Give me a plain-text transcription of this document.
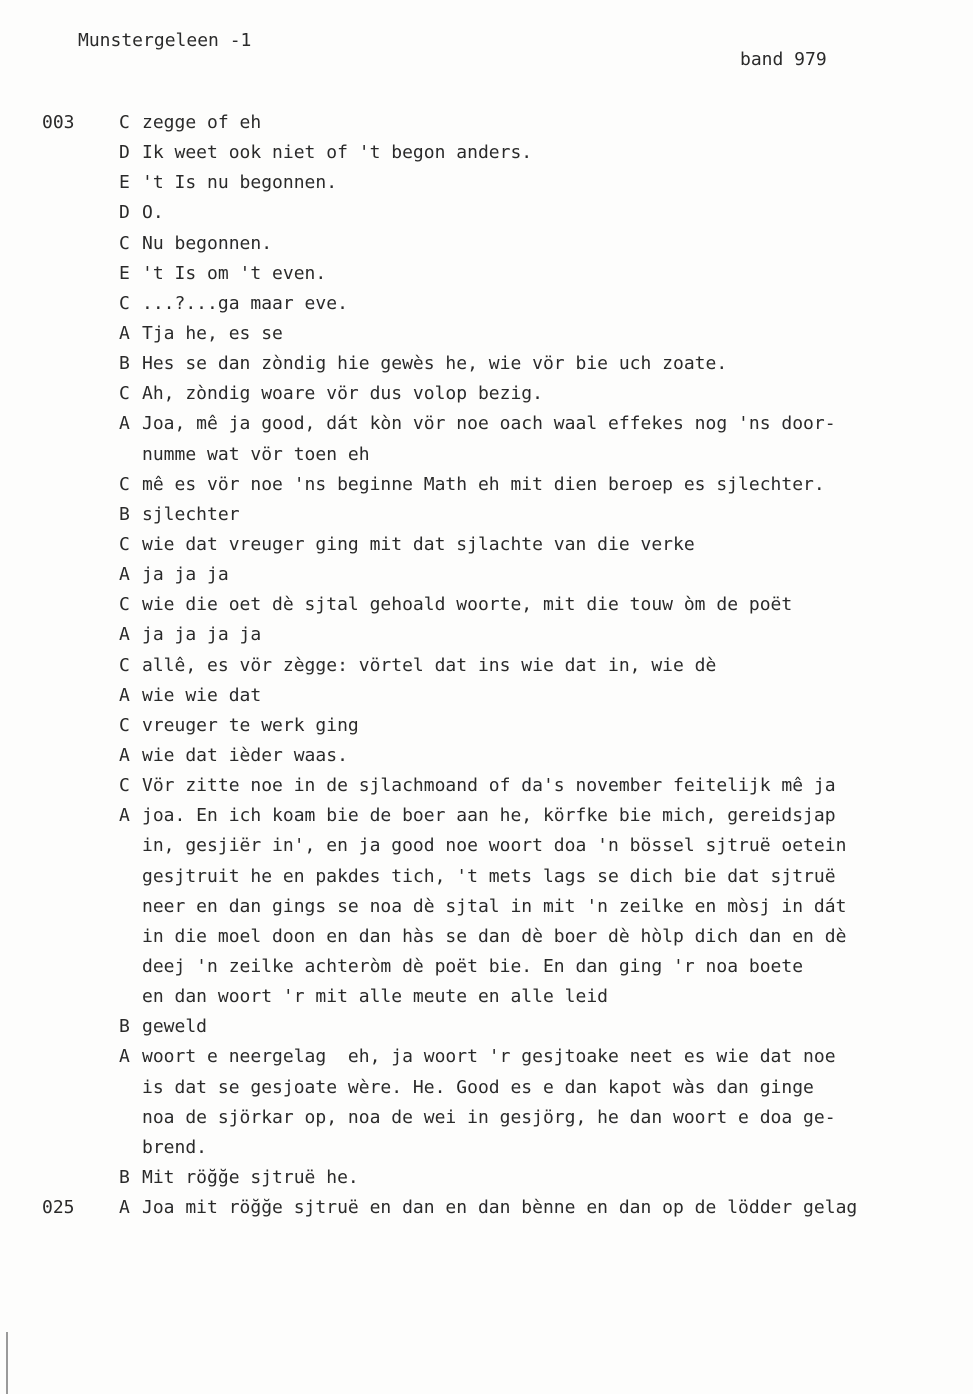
Munstergeleen -1
band 979
003 C zegge of eh
D Ik weet ook niet of 't begon anders.
E 't Is nu begonnen.
D O.
C Nu begonnen.
E 't Is om 't even.
C ...?...ga maar eve.
A Tja he, es se
B Hes se dan zòndig hie gewès he, wie vör bie uch zoate.
C Ah, zòndig woare vör dus volop bezig.
A Joa, mê ja good, dát kòn vör noe oach waal effekes nog 'ns door-
numme wat vör toen eh
C mê es vör noe 'ns beginne Math eh mit dien beroep es sjlechter.
B sjlechter
C wie dat vreuger ging mit dat sjlachte van die verke
A ja ja ja
C wie die oet dè sjtal gehoald woorte, mit die touw òm de poët
A ja ja ja ja
C allê, es vör zègge: vörtel dat ins wie dat in, wie dè
A wie wie dat
C vreuger te werk ging
A wie dat ièder waas.
C Vör zitte noe in de sjlachmoand of da's november feitelijk mê ja
A joa. En ich koam bie de boer aan he, körfke bie mich, gereidsjap
in, gesjiër in', en ja good noe woort doa 'n bössel sjtruë oetein
gesjtruit he en pakdes tich, 't mets lags se dich bie dat sjtruë
neer en dan gings se noa dè sjtal in mit 'n zeilke en mòsj in dát
in die moel doon en dan hàs se dan dè boer dè hòlp dich dan en dè
deej 'n zeilke achteròm dè poët bie. En dan ging 'r noa boete
en dan woort 'r mit alle meute en alle leid
B geweld
A woort e neergelag  eh, ja woort 'r gesjtoake neet es wie dat noe
is dat se gesjoate wère. He. Good es e dan kapot wàs dan ginge
noa de sjörkar op, noa de wei in gesjörg, he dan woort e doa ge-
brend.
B Mit röğğe sjtruë he.
025 A Joa mit röğğe sjtruë en dan en dan bènne en dan op de lödder gelag
